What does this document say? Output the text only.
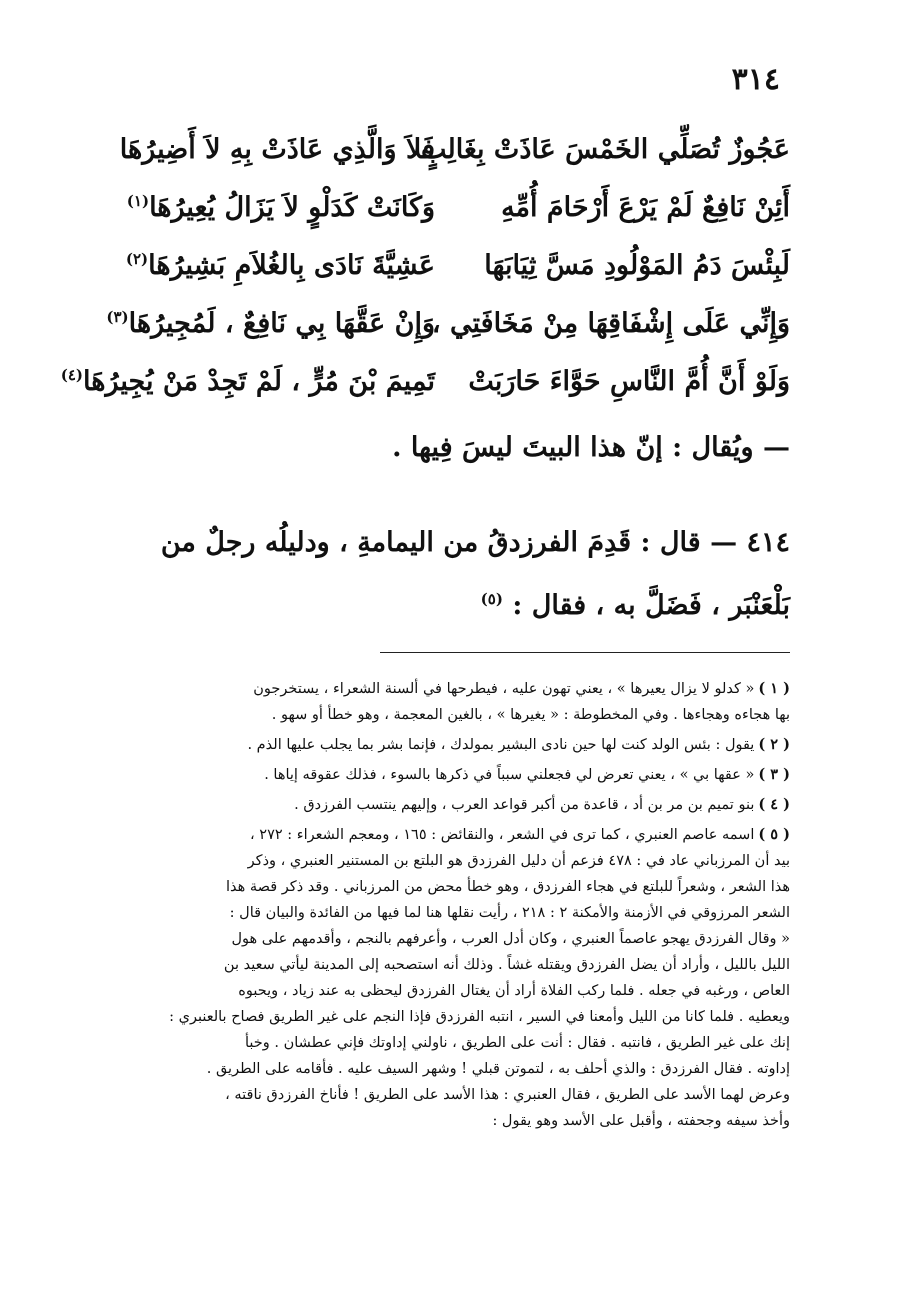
٣١٤
عَجُوزٌ تُصَلِّي الخَمْسَ عَاذَتْ بِغَالِبٍ
فَلاَ وَالَّذِي عَاذَتْ بِهِ لاَ أَضِيرُهَا
أَئِنْ نَافِعٌ لَمْ يَرْعَ أَرْحَامَ أُمِّهِ
وَكَانَتْ كَدَلْوٍ لاَ يَزَالُ يُعِيرُهَا$^{(١)}$
لَبِئْسَ دَمُ المَوْلُودِ مَسَّ ثِيَابَهَا
عَشِيَّةَ نَادَى بِالغُلاَمِ بَشِيرُهَا$^{(٢)}$
وَإِنِّي عَلَى إِشْفَاقِهَا مِنْ مَخَافَتِي ،
وَإِنْ عَقَّهَا بِي نَافِعٌ ، لَمُجِيرُهَا$^{(٣)}$
وَلَوْ أَنَّ أُمَّ النَّاسِ حَوَّاءَ حَارَبَتْ
تَمِيمَ بْنَ مُرٍّ ، لَمْ تَجِدْ مَنْ يُجِيرُهَا$^{(٤)}$
— ويُقال : إنّ هذا البيتَ ليسَ فِيها .
٤١٤ — قال : قَدِمَ الفرزدقُ من اليمامةِ ، ودليلُه رجلٌ من بَلْعَنْبَر ، فَضَلَّ به ، فقال : $^{(٥)}$
( ١ )« كدلو لا يزال يعيرها » ، يعني تهون عليه ، فيطرحها في ألسنة الشعراء ، يستخرجون
بها هجاءه وهجاءها . وفي المخطوطة : « يغيرها » ، بالغين المعجمة ، وهو خطأ أو سهو .
( ٢ )يقول : بئس الولد كنت لها حين نادى البشير بمولدك ، فإنما بشر بما يجلب عليها الذم .
( ٣ )« عقها بي » ، يعني تعرض لي فجعلني سبباً في ذكرها بالسوء ، فذلك عقوقه إياها .
( ٤ )بنو تميم بن مر بن أد ، قاعدة من أكبر قواعد العرب ، وإليهم ينتسب الفرزدق .
( ٥ )اسمه عاصم العنبري ، كما ترى في الشعر ، والنقائض : ١٦٥ ، ومعجم الشعراء : ٢٧٢ ،
بيد أن المرزباني عاد في : ٤٧٨ فزعم أن دليل الفرزدق هو البلتع بن المستنير العنبري ، وذكر
هذا الشعر ، وشعراً للبلتع في هجاء الفرزدق ، وهو خطأ محض من المرزباني . وقد ذكر قصة هذا
الشعر المرزوقي في الأزمنة والأمكنة ٢ : ٢١٨ ، رأيت نقلها هنا لما فيها من الفائدة والبيان قال :
« وقال الفرزدق يهجو عاصماً العنبري ، وكان أدل العرب ، وأعرفهم بالنجم ، وأقدمهم على هول
الليل بالليل ، وأراد أن يضل الفرزدق ويقتله غشاً . وذلك أنه استصحبه إلى المدينة ليأتي سعيد بن
العاص ، ورغبه في جعله . فلما ركب الفلاة أراد أن يغتال الفرزدق ليحظى به عند زياد ، ويحبوه
ويعطيه . فلما كانا من الليل وأمعنا في السير ، انتبه الفرزدق فإذا النجم على غير الطريق فصاح بالعنبري :
إنك على غير الطريق ، فانتبه . فقال : أنت على الطريق ، ناولني إداوتك فإني عطشان . وخبأ
إداوته . فقال الفرزدق : والذي أحلف به ، لتموتن قبلي ! وشهر السيف عليه . فأقامه على الطريق .
وعرض لهما الأسد على الطريق ، فقال العنبري : هذا الأسد على الطريق ! فأناخ الفرزدق ناقته ،
وأخذ سيفه وجحفته ، وأقبل على الأسد وهو يقول :
